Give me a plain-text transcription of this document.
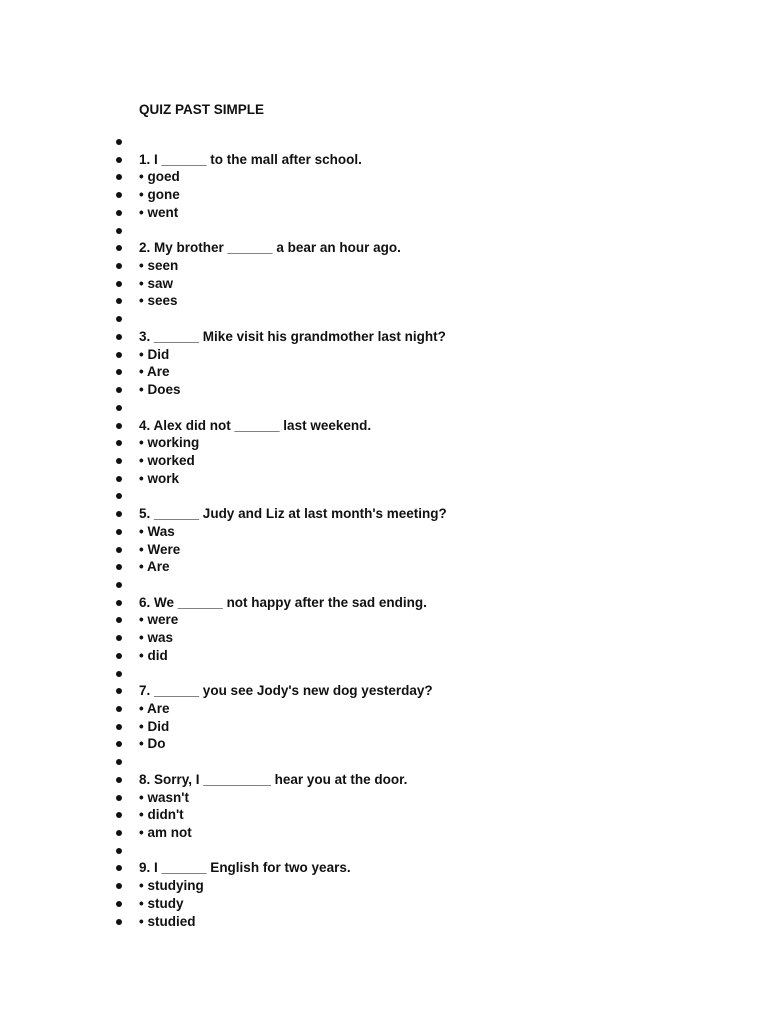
QUIZ PAST SIMPLE
1. I ______ to the mall after school.
• goed
• gone
• went
2. My brother ______ a bear an hour ago.
• seen
• saw
• sees
3. ______ Mike visit his grandmother last night?
• Did
• Are
• Does
4. Alex did not ______ last weekend.
• working
• worked
• work
5. ______ Judy and Liz at last month's meeting?
• Was
• Were
• Are
6. We ______ not happy after the sad ending.
• were
• was
• did
7. ______ you see Jody's new dog yesterday?
• Are
• Did
• Do
8. Sorry, I _________ hear you at the door.
• wasn't
• didn't
• am not
9. I ______ English for two years.
• studying
• study
• studied
